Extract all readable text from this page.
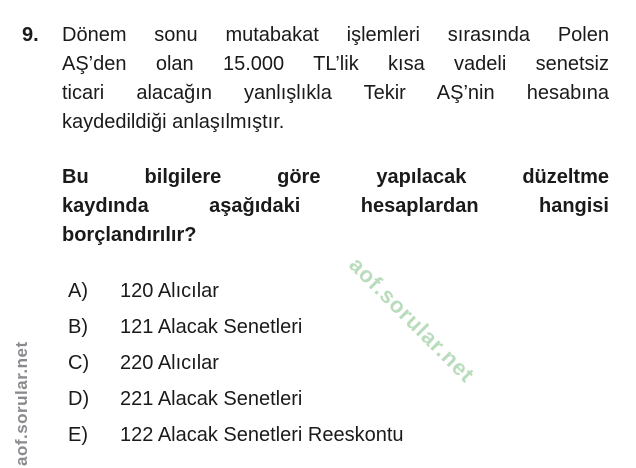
9. Dönem sonu mutabakat işlemleri sırasında Polen
AŞ’den olan 15.000 TL’lik kısa vadeli senetsiz
ticari alacağın yanlışlıkla Tekir AŞ’nin hesabına
kaydedildiği anlaşılmıştır.
Bu bilgilere göre yapılacak düzeltme
kaydında aşağıdaki hesaplardan hangisi
borçlandırılır?
A)	120 Alıcılar
B)	121 Alacak Senetleri
C)	220 Alıcılar
D)	221 Alacak Senetleri
E)	122 Alacak Senetleri Reeskontu
aof.sorular.net
aof.sorular.net
